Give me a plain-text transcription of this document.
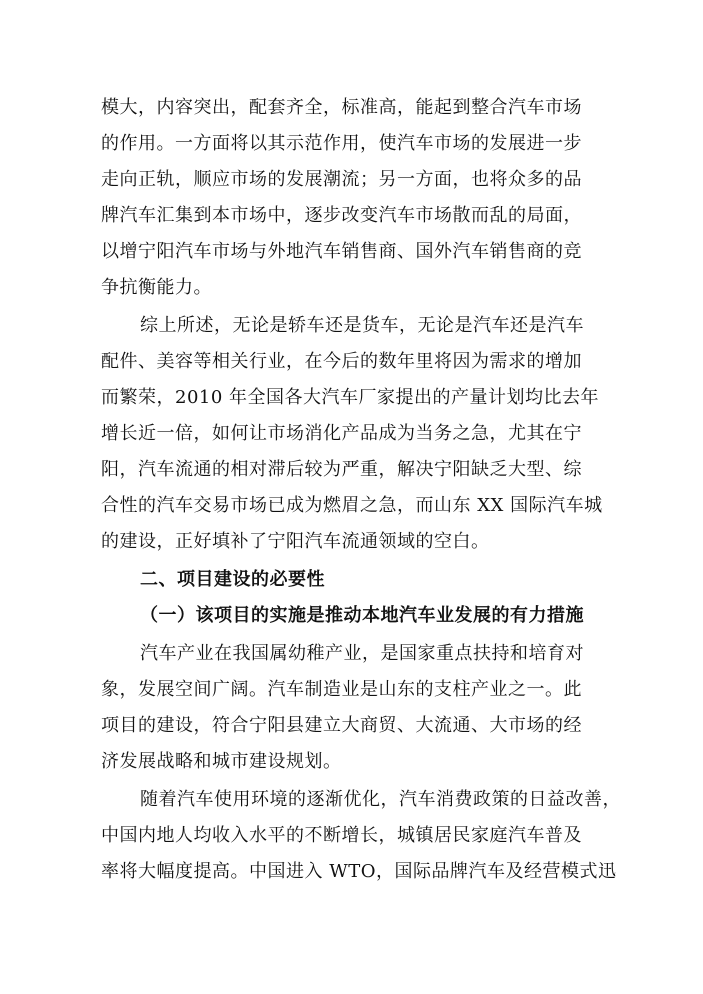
模大，内容突出，配套齐全，标准高，能起到整合汽车市场
的作用。一方面将以其示范作用，使汽车市场的发展进一步
走向正轨，顺应市场的发展潮流；另一方面，也将众多的品
牌汽车汇集到本市场中，逐步改变汽车市场散而乱的局面，
以增宁阳汽车市场与外地汽车销售商、国外汽车销售商的竞
争抗衡能力。
综上所述，无论是轿车还是货车，无论是汽车还是汽车
配件、美容等相关行业，在今后的数年里将因为需求的增加
而繁荣，2010 年全国各大汽车厂家提出的产量计划均比去年
增长近一倍，如何让市场消化产品成为当务之急，尤其在宁
阳，汽车流通的相对滞后较为严重，解决宁阳缺乏大型、综
合性的汽车交易市场已成为燃眉之急，而山东 XX 国际汽车城
的建设，正好填补了宁阳汽车流通领域的空白。
二、项目建设的必要性
（一）该项目的实施是推动本地汽车业发展的有力措施
汽车产业在我国属幼稚产业，是国家重点扶持和培育对
象，发展空间广阔。汽车制造业是山东的支柱产业之一。此
项目的建设，符合宁阳县建立大商贸、大流通、大市场的经
济发展战略和城市建设规划。
随着汽车使用环境的逐渐优化，汽车消费政策的日益改善，
中国内地人均收入水平的不断增长，城镇居民家庭汽车普及
率将大幅度提高。中国进入 WTO，国际品牌汽车及经营模式迅
